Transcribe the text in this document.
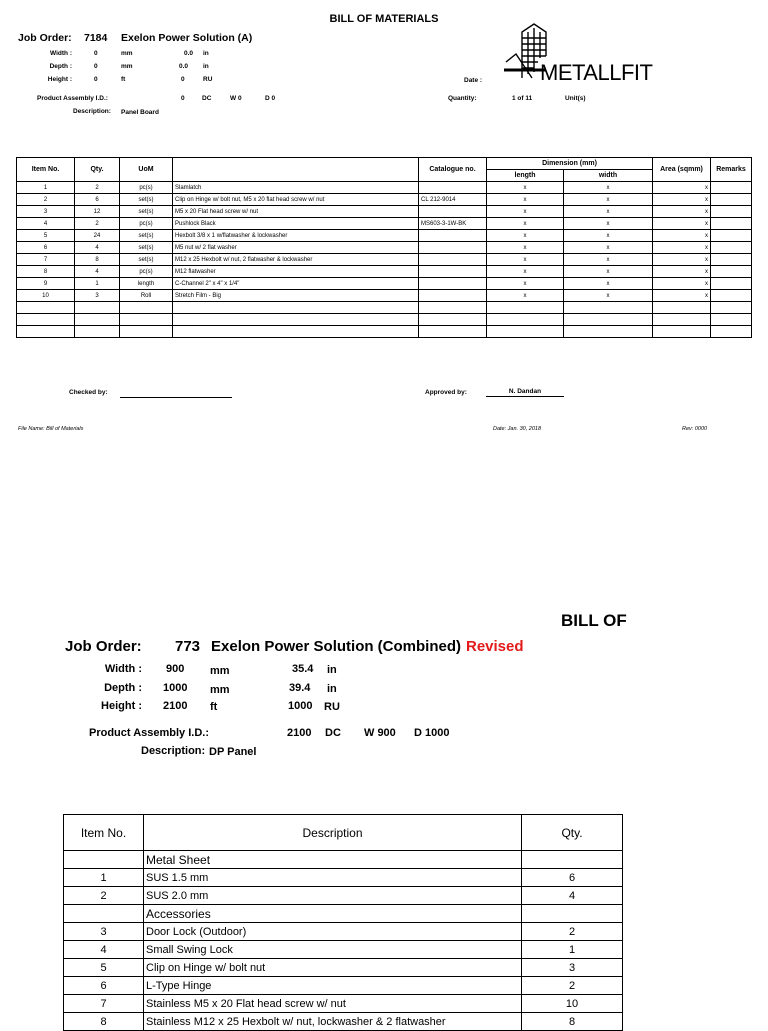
BILL OF MATERIALS
Job Order: 7184 Exelon Power Solution (A)
Width :	0	mm	0.0 in
Depth :	0	mm	0.0 in
Height :	0	ft	0	RU
Product Assembly I.D.:	0	DC	W 0	D 0
Description: Panel Board
Date :
Quantity:	1 of 11	Unit(s)
METALLFIT
Item No.	Qty.	UoM		Catalogue no.	Dimension (mm)		Area (sqmm)	Remarks
					length	width		
1	2	pc(s)	Slamlatch		x	x	x	
2	6	set(s)	Clip on Hinge w/ bolt nut, M5 x 20 flat head screw w/ nut	CL 212-9014	x	x	x	
3	12	set(s)	M5 x 20 Flat head screw w/ nut		x	x	x	
4	2	pc(s)	Pushlock Black	MS603-3-1W-BK	x	x	x	
5	24	set(s)	Hexbolt 3/8 x 1 w/flatwasher & lockwasher		x	x	x	
6	4	set(s)	M5 nut w/ 2 flat washer		x	x	x	
7	8	set(s)	M12 x 25 Hexbolt w/ nut, 2 flatwasher & lockwasher		x	x	x	
8	4	pc(s)	M12 flatwasher		x	x	x	
9	1	length	C-Channel 2" x 4" x 1/4"		x	x	x	
10	3	Roll	Stretch Film - Big		x	x	x	

Checked by:	Approved by:	N. Dandan
File Name: Bill of Materials	Date: Jan. 30, 2018	Rev: 0000
BILL OF
Job Order: 773 Exelon Power Solution (Combined) Revised
Width : 900 mm	35.4 in
Depth : 1000 mm	39.4 in
Height : 2100 ft	1000 RU
Product Assembly I.D.:	2100 DC W 900 D 1000
Description: DP Panel
Item No.	Description	Qty.
	Metal Sheet	
1	SUS 1.5 mm	6
2	SUS 2.0 mm	4
	Accessories	
3	Door Lock (Outdoor)	2
4	Small Swing Lock	1
5	Clip on Hinge w/ bolt nut	3
6	L-Type Hinge	2
7	Stainless M5 x 20 Flat head screw w/ nut	10
8	Stainless M12 x 25 Hexbolt w/ nut, lockwasher & 2 flatwasher	8
